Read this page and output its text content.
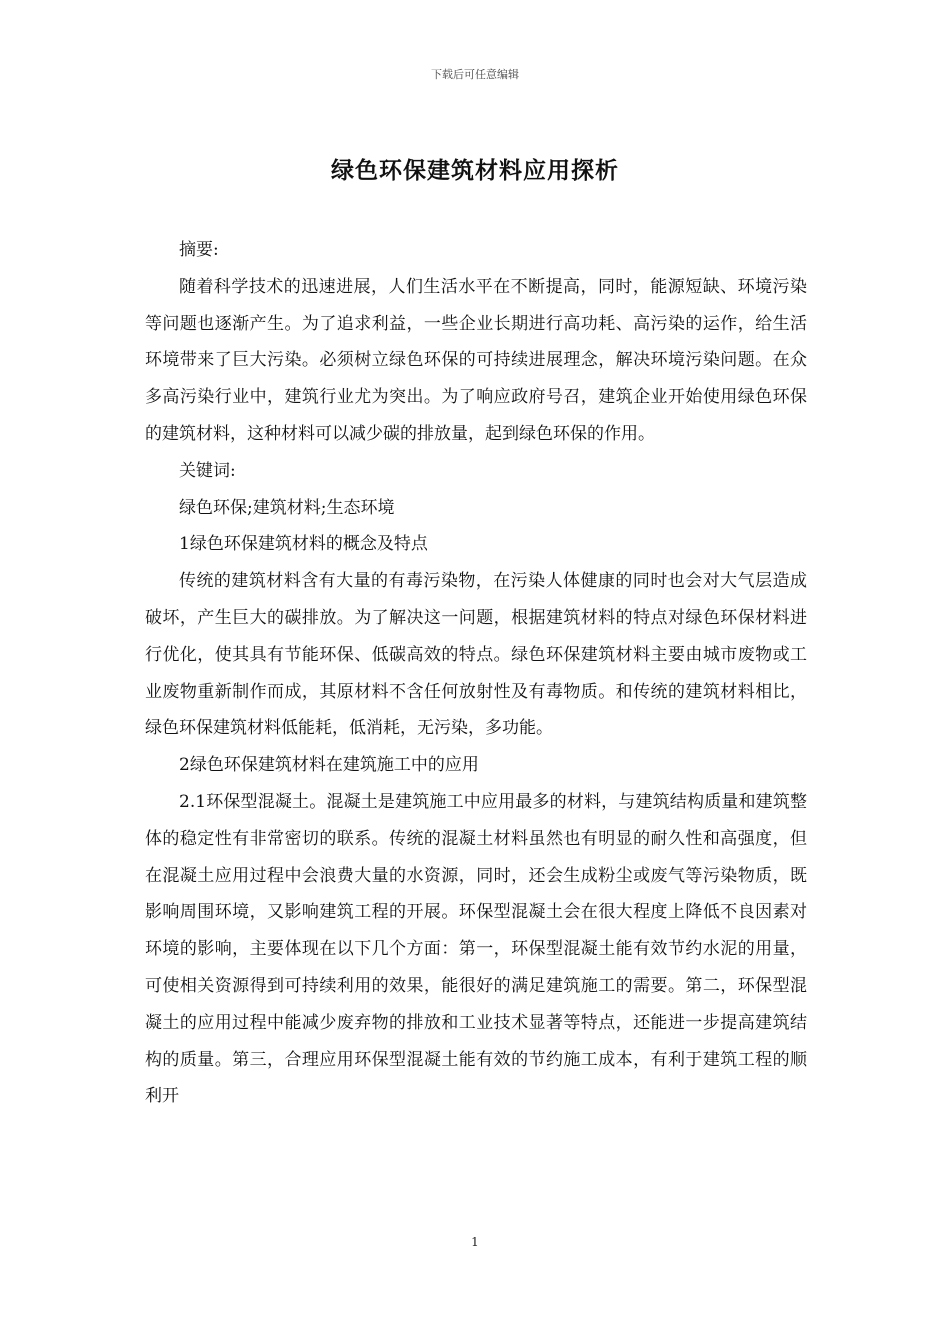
下载后可任意编辑
绿色环保建筑材料应用探析

摘要:

随着科学技术的迅速进展，人们生活水平在不断提高，同时，能源短缺、环境污染等问题也逐渐产生。为了追求利益，一些企业长期进行高功耗、高污染的运作，给生活环境带来了巨大污染。必须树立绿色环保的可持续进展理念，解决环境污染问题。在众多高污染行业中，建筑行业尤为突出。为了响应政府号召，建筑企业开始使用绿色环保的建筑材料，这种材料可以减少碳的排放量，起到绿色环保的作用。

关键词:

绿色环保;建筑材料;生态环境

1绿色环保建筑材料的概念及特点

传统的建筑材料含有大量的有毒污染物，在污染人体健康的同时也会对大气层造成破坏，产生巨大的碳排放。为了解决这一问题，根据建筑材料的特点对绿色环保材料进行优化，使其具有节能环保、低碳高效的特点。绿色环保建筑材料主要由城市废物或工业废物重新制作而成，其原材料不含任何放射性及有毒物质。和传统的建筑材料相比，绿色环保建筑材料低能耗，低消耗，无污染，多功能。

2绿色环保建筑材料在建筑施工中的应用

2.1环保型混凝土。混凝土是建筑施工中应用最多的材料，与建筑结构质量和建筑整体的稳定性有非常密切的联系。传统的混凝土材料虽然也有明显的耐久性和高强度，但在混凝土应用过程中会浪费大量的水资源，同时，还会生成粉尘或废气等污染物质，既影响周围环境，又影响建筑工程的开展。环保型混凝土会在很大程度上降低不良因素对环境的影响，主要体现在以下几个方面：第一，环保型混凝土能有效节约水泥的用量，可使相关资源得到可持续利用的效果，能很好的满足建筑施工的需要。第二，环保型混凝土的应用过程中能减少废弃物的排放和工业技术显著等特点，还能进一步提高建筑结构的质量。第三，合理应用环保型混凝土能有效的节约施工成本，有利于建筑工程的顺利开

1
